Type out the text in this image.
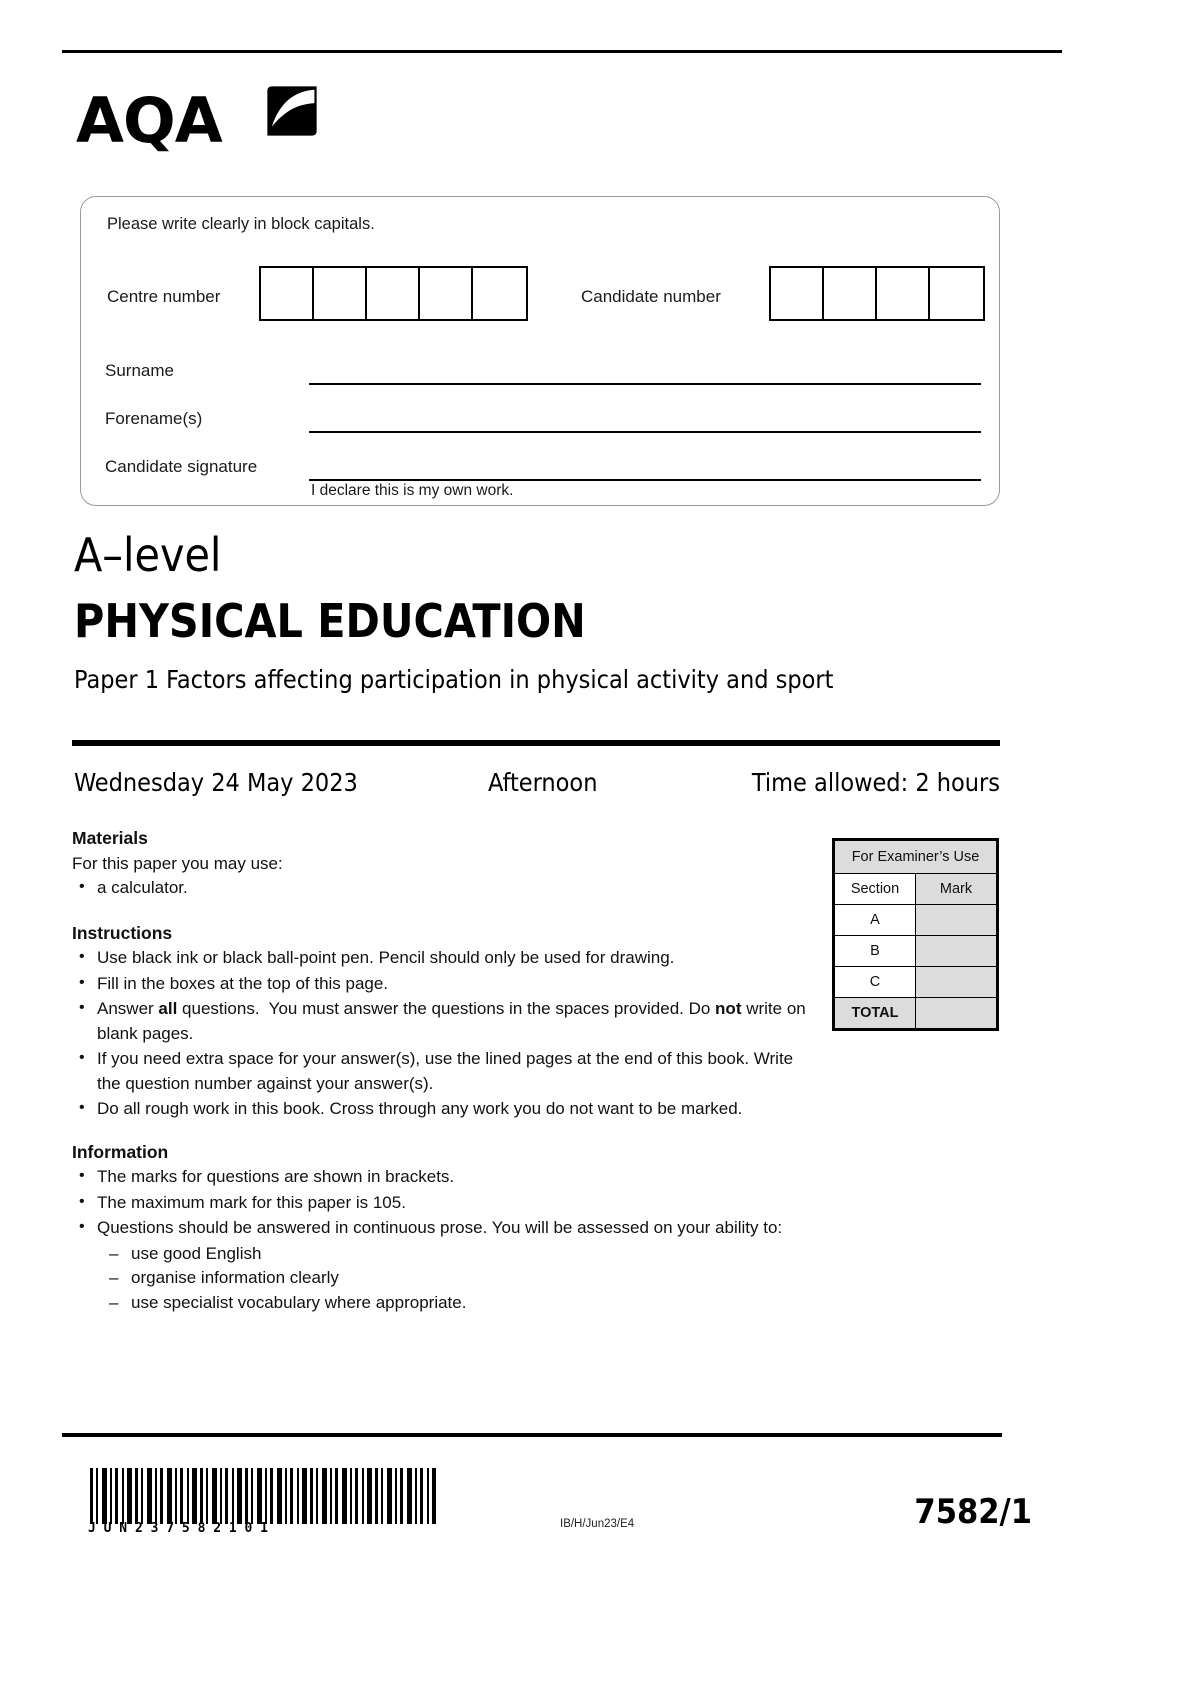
AQA
Please write clearly in block capitals.
Centre number	Candidate number
Surname
Forename(s)
Candidate signature
I declare this is my own work.
A–level
PHYSICAL EDUCATION
Paper 1 Factors affecting participation in physical activity and sport
Wednesday 24 May 2023	Afternoon	Time allowed: 2 hours
Materials
For this paper you may use:
• a calculator.
Instructions
• Use black ink or black ball-point pen. Pencil should only be used for drawing.
• Fill in the boxes at the top of this page.
• Answer all questions.  You must answer the questions in the spaces provided. Do not write on blank pages.
• If you need extra space for your answer(s), use the lined pages at the end of this book. Write the question number against your answer(s).
• Do all rough work in this book. Cross through any work you do not want to be marked.
Information
• The marks for questions are shown in brackets.
• The maximum mark for this paper is 105.
• Questions should be answered in continuous prose. You will be assessed on your ability to:
– use good English
– organise information clearly
– use specialist vocabulary where appropriate.
For Examiner’s Use	
Section	Mark
A	
B	
C	
TOTAL	
J U N 2 3 7 5 8 2 1 0 1	IB/H/Jun23/E4	7582/1
